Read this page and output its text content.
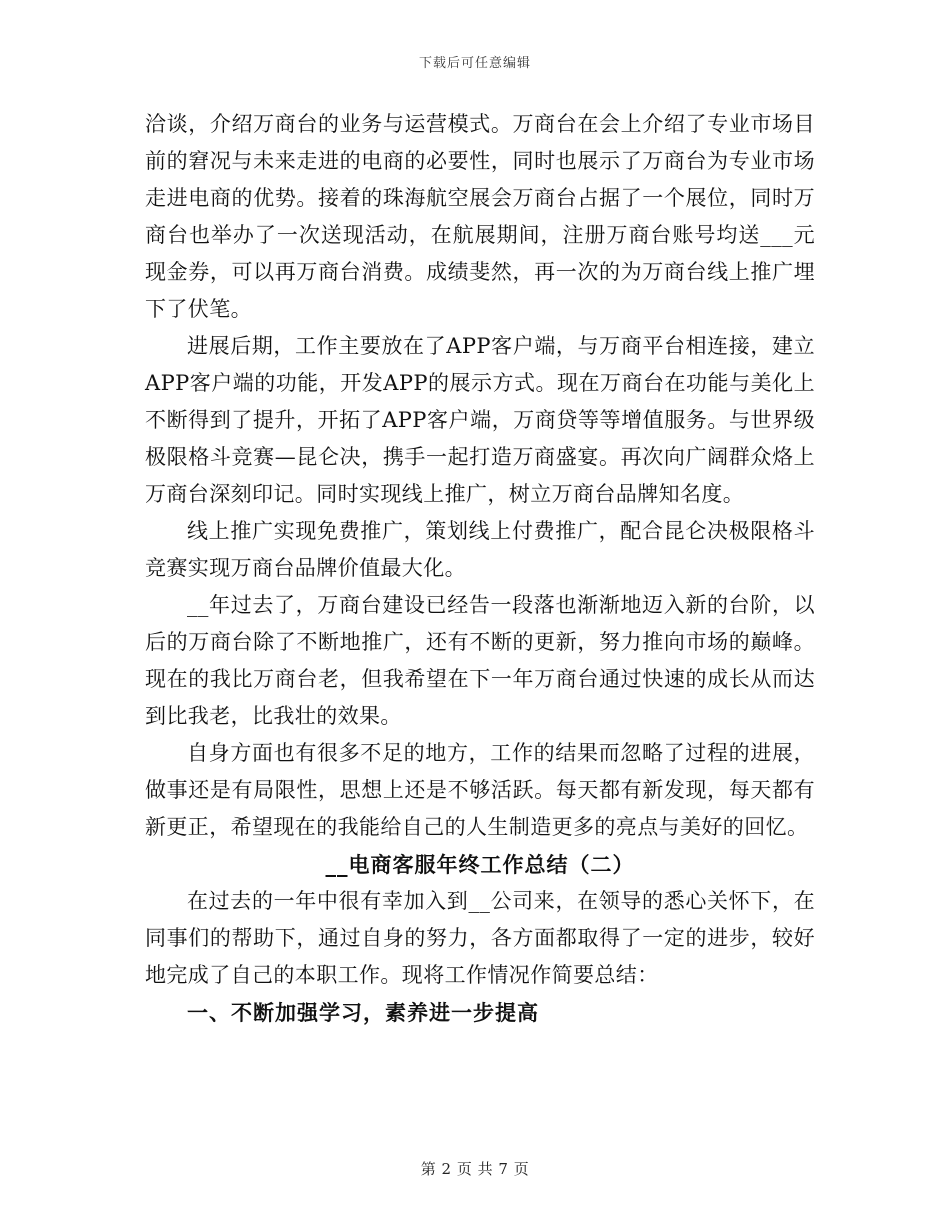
下载后可任意编辑

洽谈，介绍万商台的业务与运营模式。万商台在会上介绍了专业市场目前的窘况与未来走进的电商的必要性，同时也展示了万商台为专业市场走进电商的优势。接着的珠海航空展会万商台占据了一个展位，同时万商台也举办了一次送现活动，在航展期间，注册万商台账号均送___元现金券，可以再万商台消费。成绩斐然，再一次的为万商台线上推广埋下了伏笔。

进展后期，工作主要放在了APP客户端，与万商平台相连接，建立APP客户端的功能，开发APP的展示方式。现在万商台在功能与美化上不断得到了提升，开拓了APP客户端，万商贷等等增值服务。与世界级极限格斗竞赛—昆仑决，携手一起打造万商盛宴。再次向广阔群众烙上万商台深刻印记。同时实现线上推广，树立万商台品牌知名度。

线上推广实现免费推广，策划线上付费推广，配合昆仑决极限格斗竞赛实现万商台品牌价值最大化。

__年过去了，万商台建设已经告一段落也渐渐地迈入新的台阶，以后的万商台除了不断地推广，还有不断的更新，努力推向市场的巅峰。现在的我比万商台老，但我希望在下一年万商台通过快速的成长从而达到比我老，比我壮的效果。

自身方面也有很多不足的地方，工作的结果而忽略了过程的进展，做事还是有局限性，思想上还是不够活跃。每天都有新发现，每天都有新更正，希望现在的我能给自己的人生制造更多的亮点与美好的回忆。

__电商客服年终工作总结（二）

在过去的一年中很有幸加入到__公司来，在领导的悉心关怀下，在同事们的帮助下，通过自身的努力，各方面都取得了一定的进步，较好地完成了自己的本职工作。现将工作情况作简要总结：

一、不断加强学习，素养进一步提高
第 2 页 共 7 页
